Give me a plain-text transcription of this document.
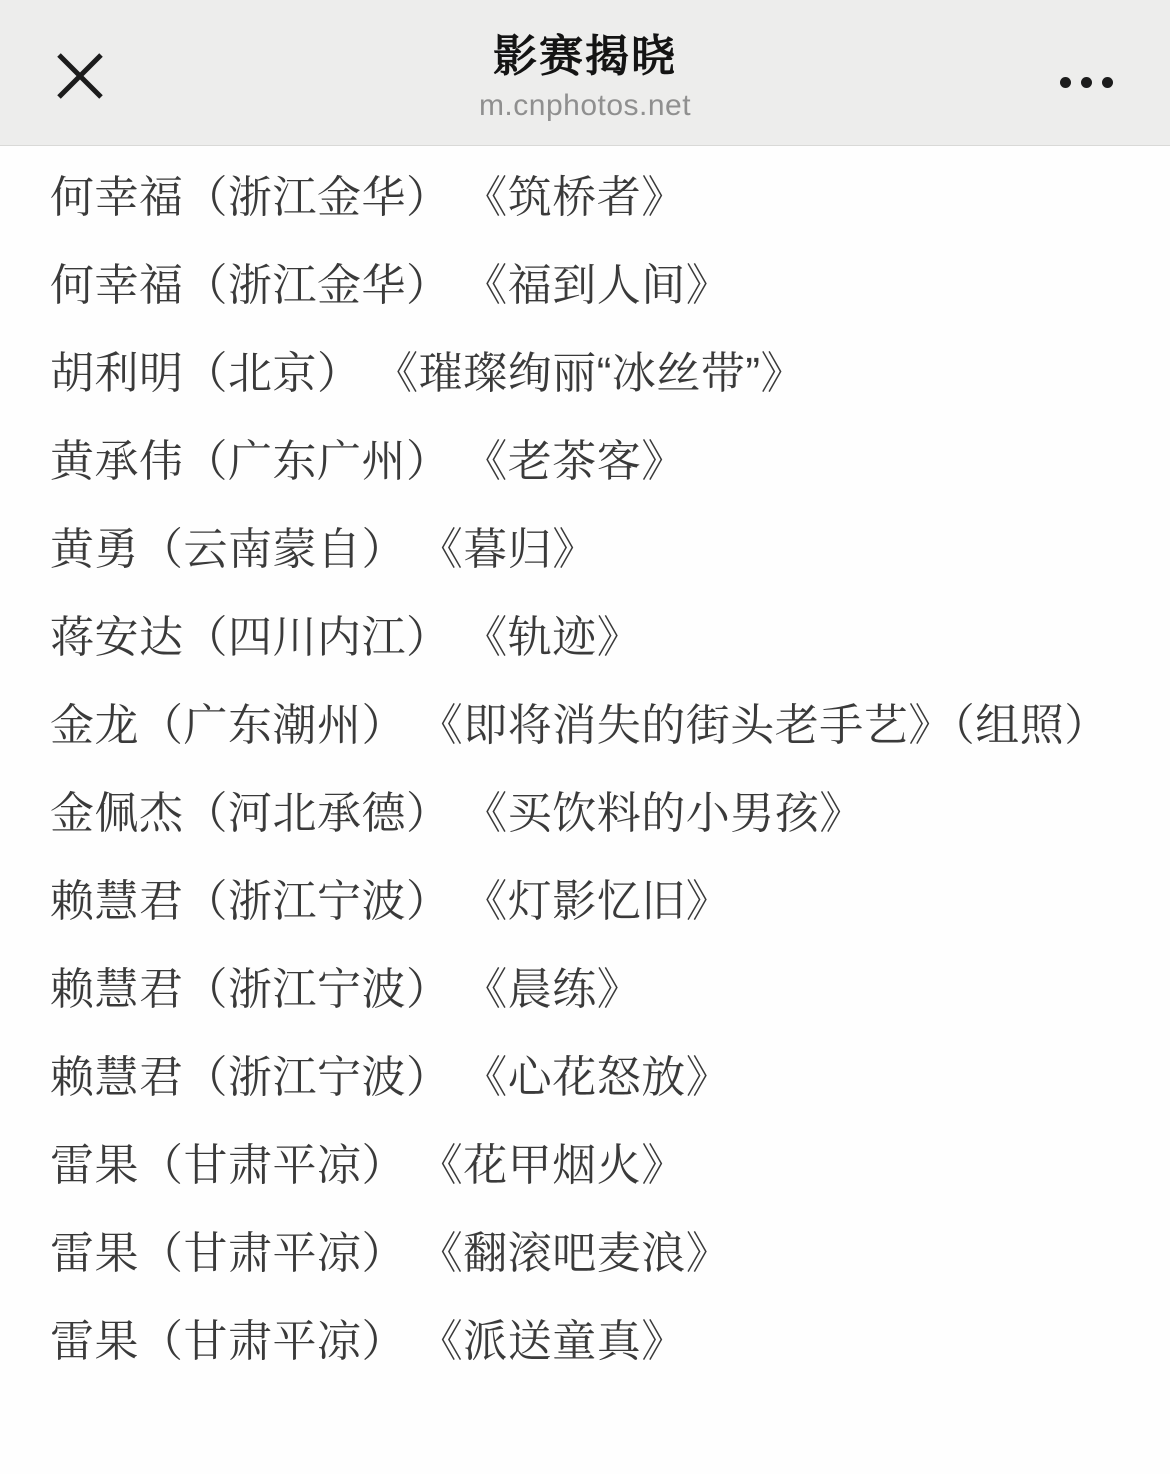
影赛揭晓
m.cnphotos.net

何幸福（浙江金华） 《筑桥者》

何幸福（浙江金华） 《福到人间》

胡利明（北京） 《璀璨绚丽“冰丝带”》

黄承伟（广东广州） 《老茶客》

黄勇（云南蒙自） 《暮归》

蒋安达（四川内江） 《轨迹》

金龙（广东潮州） 《即将消失的街头老手艺》（组照）

金佩杰（河北承德） 《买饮料的小男孩》

赖慧君（浙江宁波） 《灯影忆旧》

赖慧君（浙江宁波） 《晨练》

赖慧君（浙江宁波） 《心花怒放》

雷果（甘肃平凉） 《花甲烟火》

雷果（甘肃平凉） 《翻滚吧麦浪》

雷果（甘肃平凉） 《派送童真》
